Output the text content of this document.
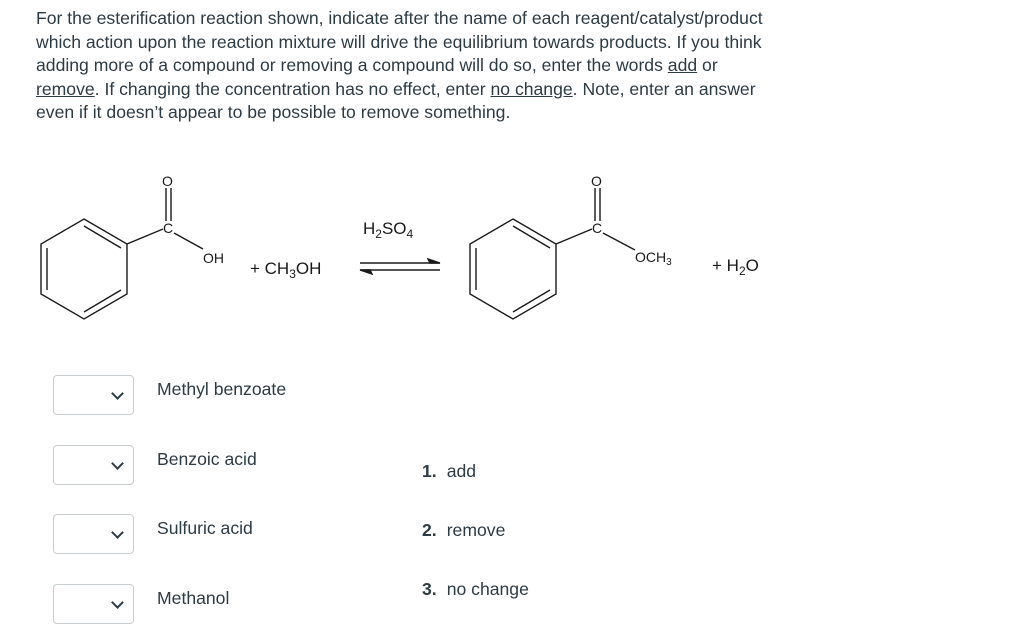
For the esterification reaction shown, indicate after the name of each reagent/catalyst/product which action upon the reaction mixture will drive the equilibrium towards products. If you think adding more of a compound or removing a compound will do so, enter the words add or remove. If changing the concentration has no effect, enter no change. Note, enter an answer even if it doesn’t appear to be possible to remove something.
O
C
OH
+ $CH_3OH$
$H_2SO_4$
O
C
$OCH_3 + H_2O$
Methyl benzoate
Benzoic acid
Sulfuric acid
Methanol
1. add
2. remove
3. no change
